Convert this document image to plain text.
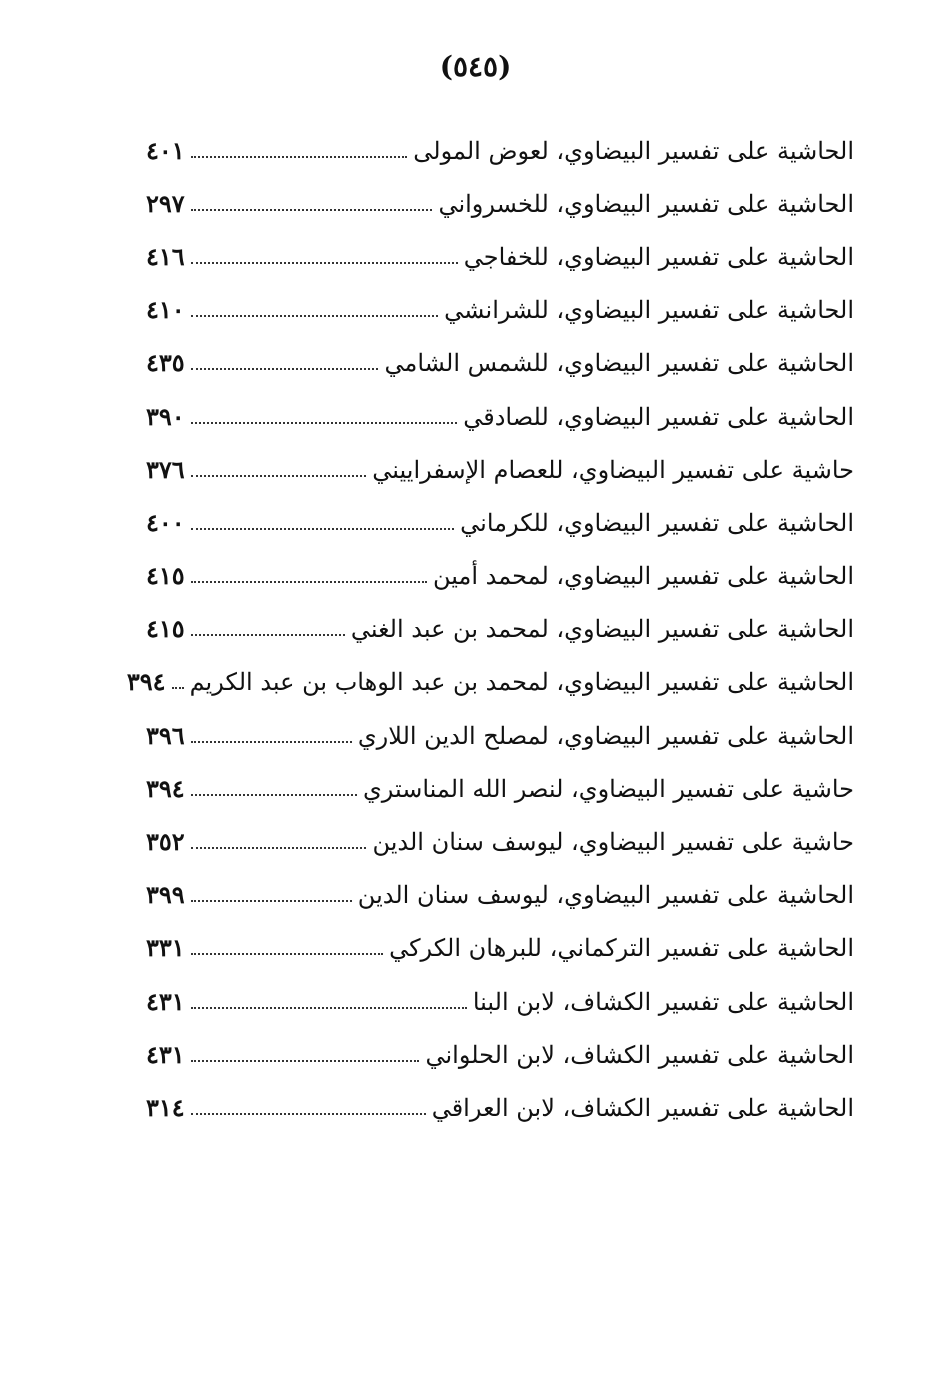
(٥٤٥)
الحاشية على تفسير البيضاوي، لعوض المولى
٤٠١
الحاشية على تفسير البيضاوي، للخسرواني
٢٩٧
الحاشية على تفسير البيضاوي، للخفاجي
٤١٦
الحاشية على تفسير البيضاوي، للشرانشي
٤١٠
الحاشية على تفسير البيضاوي، للشمس الشامي
٤٣٥
الحاشية على تفسير البيضاوي، للصادقي
٣٩٠
حاشية على تفسير البيضاوي، للعصام الإسفراييني
٣٧٦
الحاشية على تفسير البيضاوي، للكرماني
٤٠٠
الحاشية على تفسير البيضاوي، لمحمد أمين
٤١٥
الحاشية على تفسير البيضاوي، لمحمد بن عبد الغني
٤١٥
الحاشية على تفسير البيضاوي، لمحمد بن عبد الوهاب بن عبد الكريم
٣٩٤
الحاشية على تفسير البيضاوي، لمصلح الدين اللاري
٣٩٦
حاشية على تفسير البيضاوي، لنصر الله المناستري
٣٩٤
حاشية على تفسير البيضاوي، ليوسف سنان الدين
٣٥٢
الحاشية على تفسير البيضاوي، ليوسف سنان الدين
٣٩٩
الحاشية على تفسير التركماني، للبرهان الكركي
٣٣١
الحاشية على تفسير الكشاف، لابن البنا
٤٣١
الحاشية على تفسير الكشاف، لابن الحلواني
٤٣١
الحاشية على تفسير الكشاف، لابن العراقي
٣١٤
